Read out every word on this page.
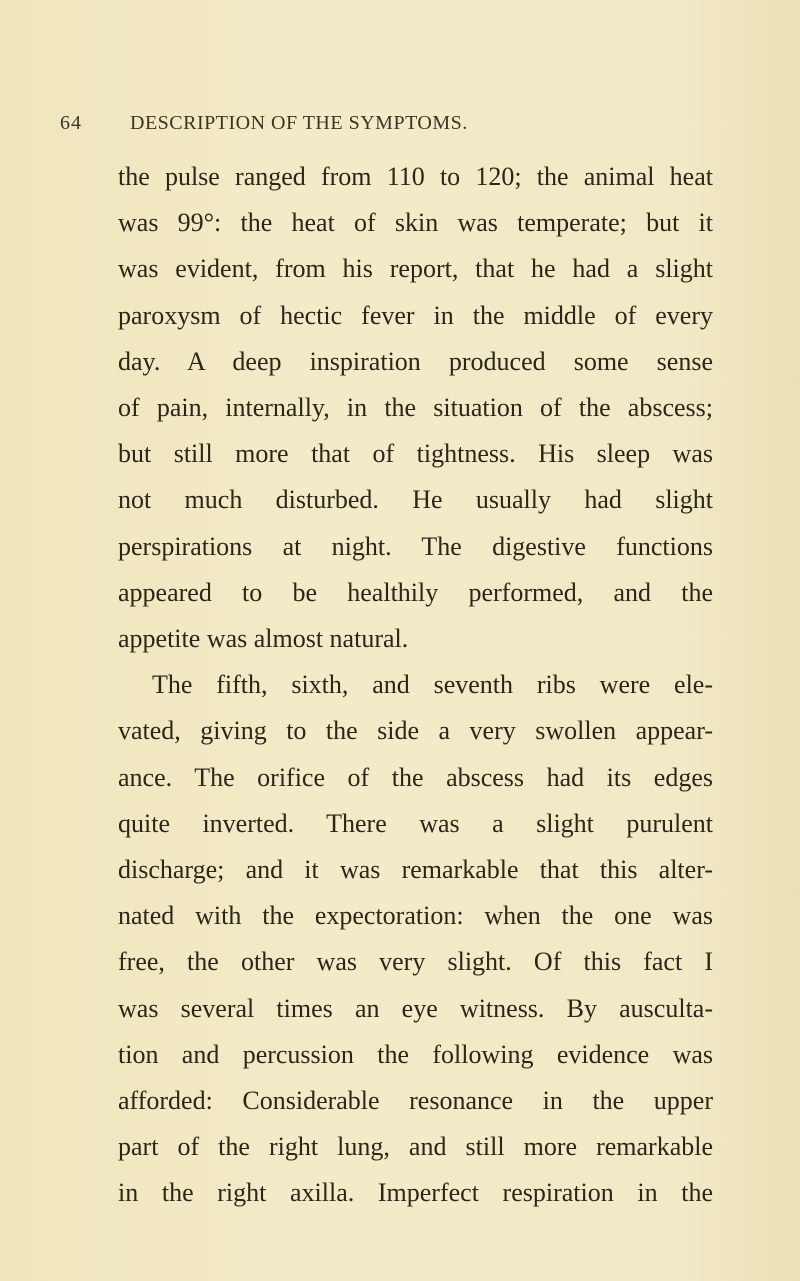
64 DESCRIPTION OF THE SYMPTOMS.
the pulse ranged from 110 to 120; the animal heat
was 99°: the heat of skin was temperate; but it
was evident, from his report, that he had a slight
paroxysm of hectic fever in the middle of every
day. A deep inspiration produced some sense
of pain, internally, in the situation of the abscess;
but still more that of tightness. His sleep was
not much disturbed. He usually had slight
perspirations at night. The digestive functions
appeared to be healthily performed, and the
appetite was almost natural.
The fifth, sixth, and seventh ribs were ele-
vated, giving to the side a very swollen appear-
ance. The orifice of the abscess had its edges
quite inverted. There was a slight purulent
discharge; and it was remarkable that this alter-
nated with the expectoration: when the one was
free, the other was very slight. Of this fact I
was several times an eye witness. By ausculta-
tion and percussion the following evidence was
afforded: Considerable resonance in the upper
part of the right lung, and still more remarkable
in the right axilla. Imperfect respiration in the
